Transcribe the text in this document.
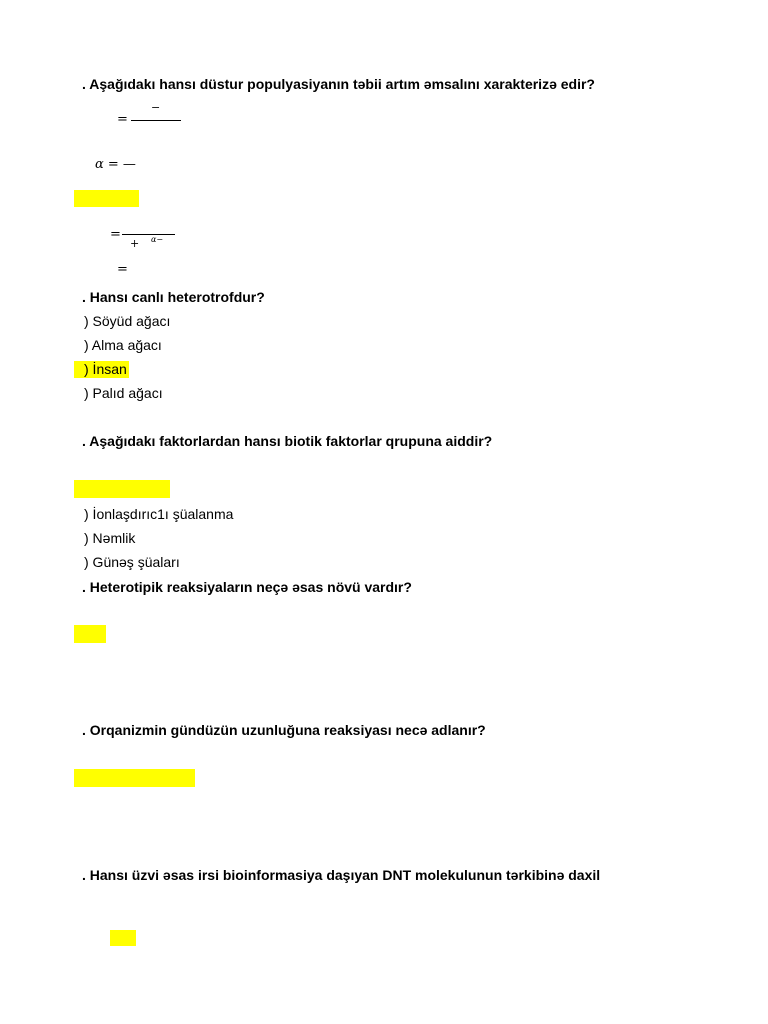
. Aşağıdakı hansı düstur populyasiyanın təbii artım əmsalını xarakterizə edir?
=
−
α = —
=
+ α−
=
. Hansı canlı heterotrofdur?
) Söyüd ağacı
) Alma ağacı
) İnsan
) Palıd ağacı
. Aşağıdakı faktorlardan hansı biotik faktorlar qrupuna aiddir?
) İonlaşdırıc1ı şüalanma
) Nəmlik
) Günəş şüaları
. Heterotipik reaksiyaların neçə əsas növü vardır?
. Orqanizmin gündüzün uzunluğuna reaksiyası necə adlanır?
. Hansı üzvi əsas irsi bioinformasiya daşıyan DNT molekulunun tərkibinə daxil
